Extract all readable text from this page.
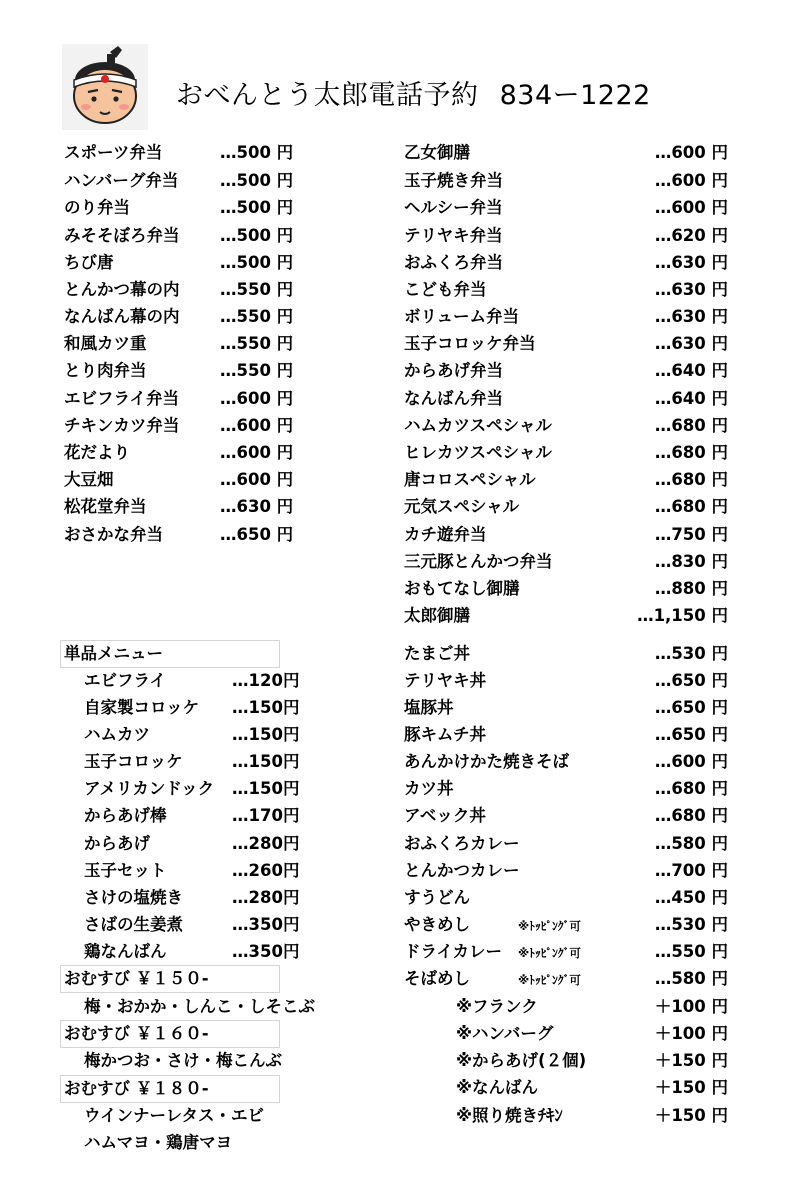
おべんとう太郎電話予約 834ー1222
スポーツ弁当	…500 円
ハンバーグ弁当	…500 円
のり弁当	…500 円
みそそぼろ弁当 …500 円
ちび唐	…500 円
とんかつ幕の内 …550 円
なんばん幕の内 …550 円
和風カツ重	…550 円
とり肉弁当	…550 円
エビフライ弁当 …600 円
チキンカツ弁当 …600 円
花だより	…600 円
大豆畑	…600 円
松花堂弁当	…630 円
おさかな弁当	…650 円
乙女御膳	…600 円
玉子焼き弁当	…600 円
ヘルシー弁当	…600 円
テリヤキ弁当	…620 円
おふくろ弁当	…630 円
こども弁当	…630 円
ボリューム弁当	…630 円
玉子コロッケ弁当	…630 円
からあげ弁当	…640 円
なんばん弁当	…640 円
ハムカツスペシャル	…680 円
ヒレカツスペシャル	…680 円
唐コロスペシャル	…680 円
元気スペシャル	…680 円
カチ遊弁当	…750 円
三元豚とんかつ弁当	…830 円
おもてなし御膳	…880 円
太郎御膳	…1,150 円
単品メニュー
エビフライ	…120円
自家製コロッケ …150円
ハムカツ	…150円
玉子コロッケ	…150円
アメリカンドック …150円
からあげ棒	…170円
からあげ	…280円
玉子セット	…260円
さけの塩焼き	…280円
さばの生姜煮	…350円
鶏なんばん	…350円
おむすび ￥１５０-
梅・おかか・しんこ・しそこぶ
おむすび ￥１６０-
梅かつお・さけ・梅こんぶ
おむすび ￥１８０-
ウインナーレタス・エビ
ハムマヨ・鶏唐マヨ
たまご丼	…530 円
テリヤキ丼	…650 円
塩豚丼	…650 円
豚キムチ丼	…650 円
あんかけかた焼きそば	…600 円
カツ丼	…680 円
アベック丼	…680 円
おふくろカレー	…580 円
とんかつカレー	…700 円
すうどん	…450 円
やきめし	※ﾄｯﾋﾟﾝｸﾞ可	…530 円
ドライカレー ※ﾄｯﾋﾟﾝｸﾞ可	…550 円
そばめし	※ﾄｯﾋﾟﾝｸﾞ可	…580 円
※フランク	＋100 円
※ハンバーグ	＋100 円
※からあげ(２個)	＋150 円
※なんばん	＋150 円
※照り焼きﾁｷﾝ	＋150 円
